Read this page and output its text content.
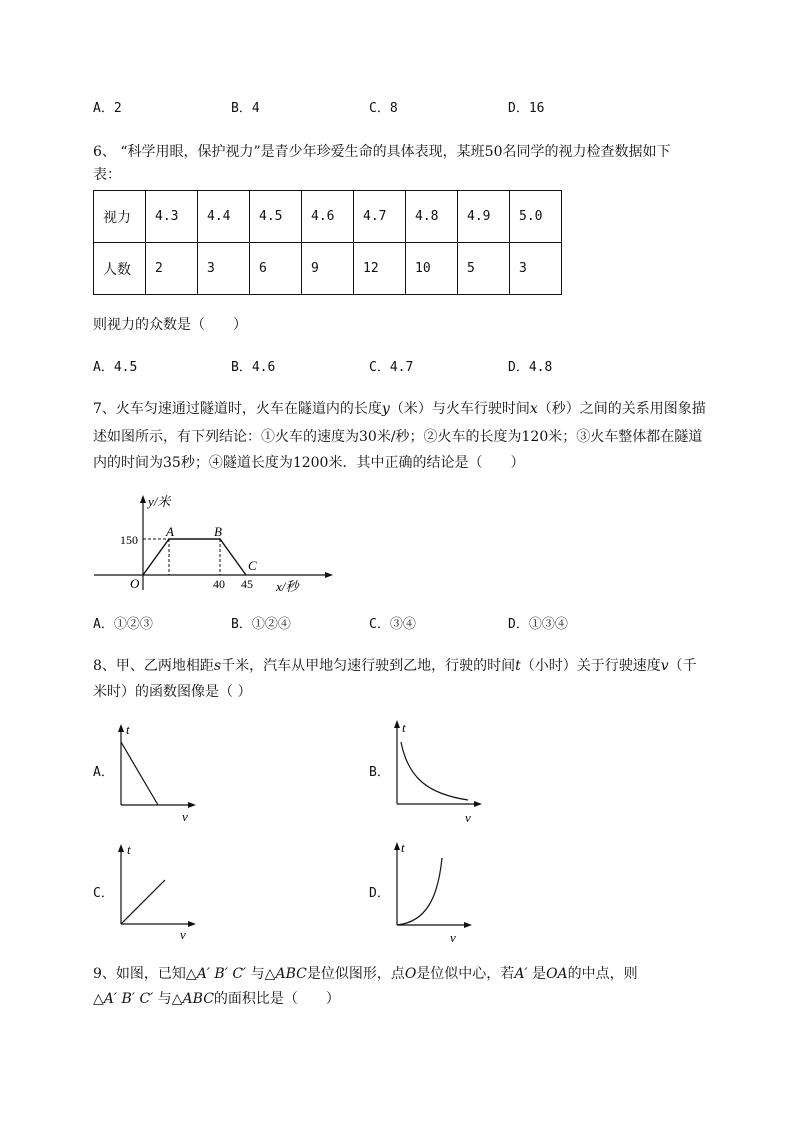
A．2	B．4	C．8	D．16
6、 “科学用眼，保护视力”是青少年珍爱生命的具体表现，某班50名同学的视力检查数据如下
表：
视力	4.3	4.4	4.5	4.6	4.7	4.8	4.9	5.0
人数	2	3	6	9	12	10	5	3
则视力的众数是（　　）
A．4.5	B．4.6	C．4.7	D．4.8
7、火车匀速通过隧道时，火车在隧道内的长度y（米）与火车行驶时间x（秒）之间的关系用图象描
述如图所示，有下列结论：①火车的速度为30米/秒；②火车的长度为120米；③火车整体都在隧道
内的时间为35秒；④隧道长度为1200米．其中正确的结论是（　　）
y/米
150
A	B
C
O	40 45 x/秒
A．①②③	B．①②④	C．③④	D．①③④
8、甲、乙两地相距s千米，汽车从甲地匀速行驶到乙地，行驶的时间t（小时）关于行驶速度v（千
米时）的函数图像是（ ）
A．
t
v
B．
t
v
C．
t
v
D．
t
v
9、如图，已知△A′ B′ C′ 与△ABC是位似图形，点O是位似中心，若A′ 是OA的中点，则
△A′ B′ C′ 与△ABC的面积比是（　　）
